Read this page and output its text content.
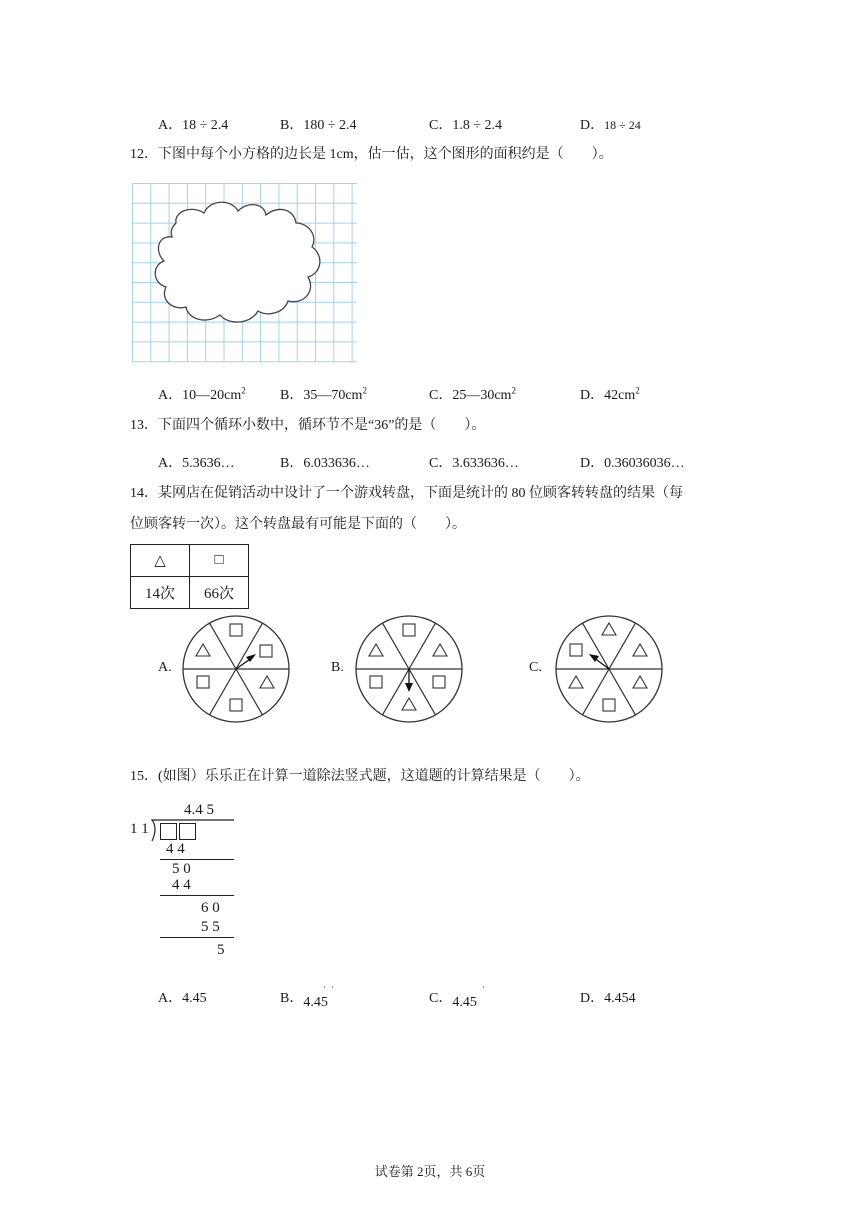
A．18 ÷ 2.4	B．180 ÷ 2.4	C．1.8 ÷ 2.4	D．18 ÷ 24
12．下图中每个小方格的边长是 1cm，估一估，这个图形的面积约是（　　）。
A．$10—20cm^2$ B．$35—70cm^2$	C．$25—30cm^2$	D．$42cm^2$
13．下面四个循环小数中，循环节不是“36”的是（　　）。
A．5.3636…	B．6.033636…	C．3.633636…	D．0.36036036…
14．某网店在促销活动中设计了一个游戏转盘，下面是统计的 80 位顾客转转盘的结果（每
位顾客转一次）。这个转盘最有可能是下面的（　　）。
△	□
14次	66次
A.	B.	C.
15．(如图）乐乐正在计算一道除法竖式题，这道题的计算结果是（　　）。
4.4 5
1 1
4 4
5 0
4 4
6 0
5 5
5
A．4.45	B．4.45
· ·
C．4.45
·
D．4.454
试卷第 2页，共 6页
